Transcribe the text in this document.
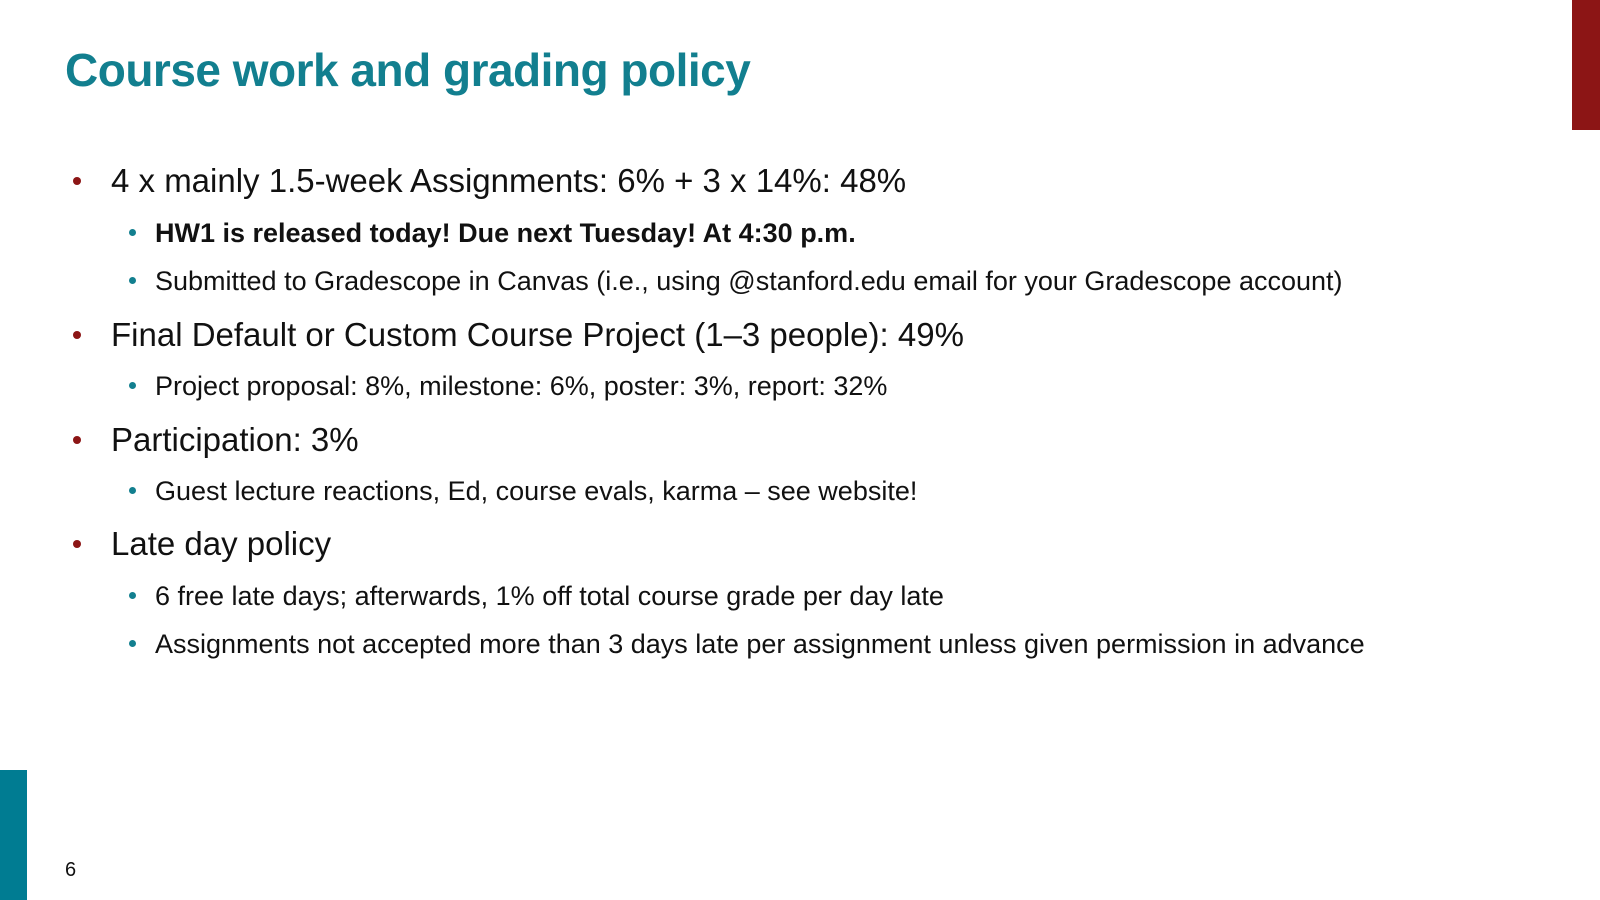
Course work and grading policy
4 x mainly 1.5-week Assignments: 6% + 3 x 14%: 48%
HW1 is released today! Due next Tuesday! At 4:30 p.m.
Submitted to Gradescope in Canvas (i.e., using @stanford.edu email for your Gradescope account)
Final Default or Custom Course Project (1–3 people): 49%
Project proposal: 8%, milestone: 6%, poster: 3%, report: 32%
Participation: 3%
Guest lecture reactions, Ed, course evals, karma – see website!
Late day policy
6 free late days; afterwards, 1% off total course grade per day late
Assignments not accepted more than 3 days late per assignment unless given permission in advance
6
